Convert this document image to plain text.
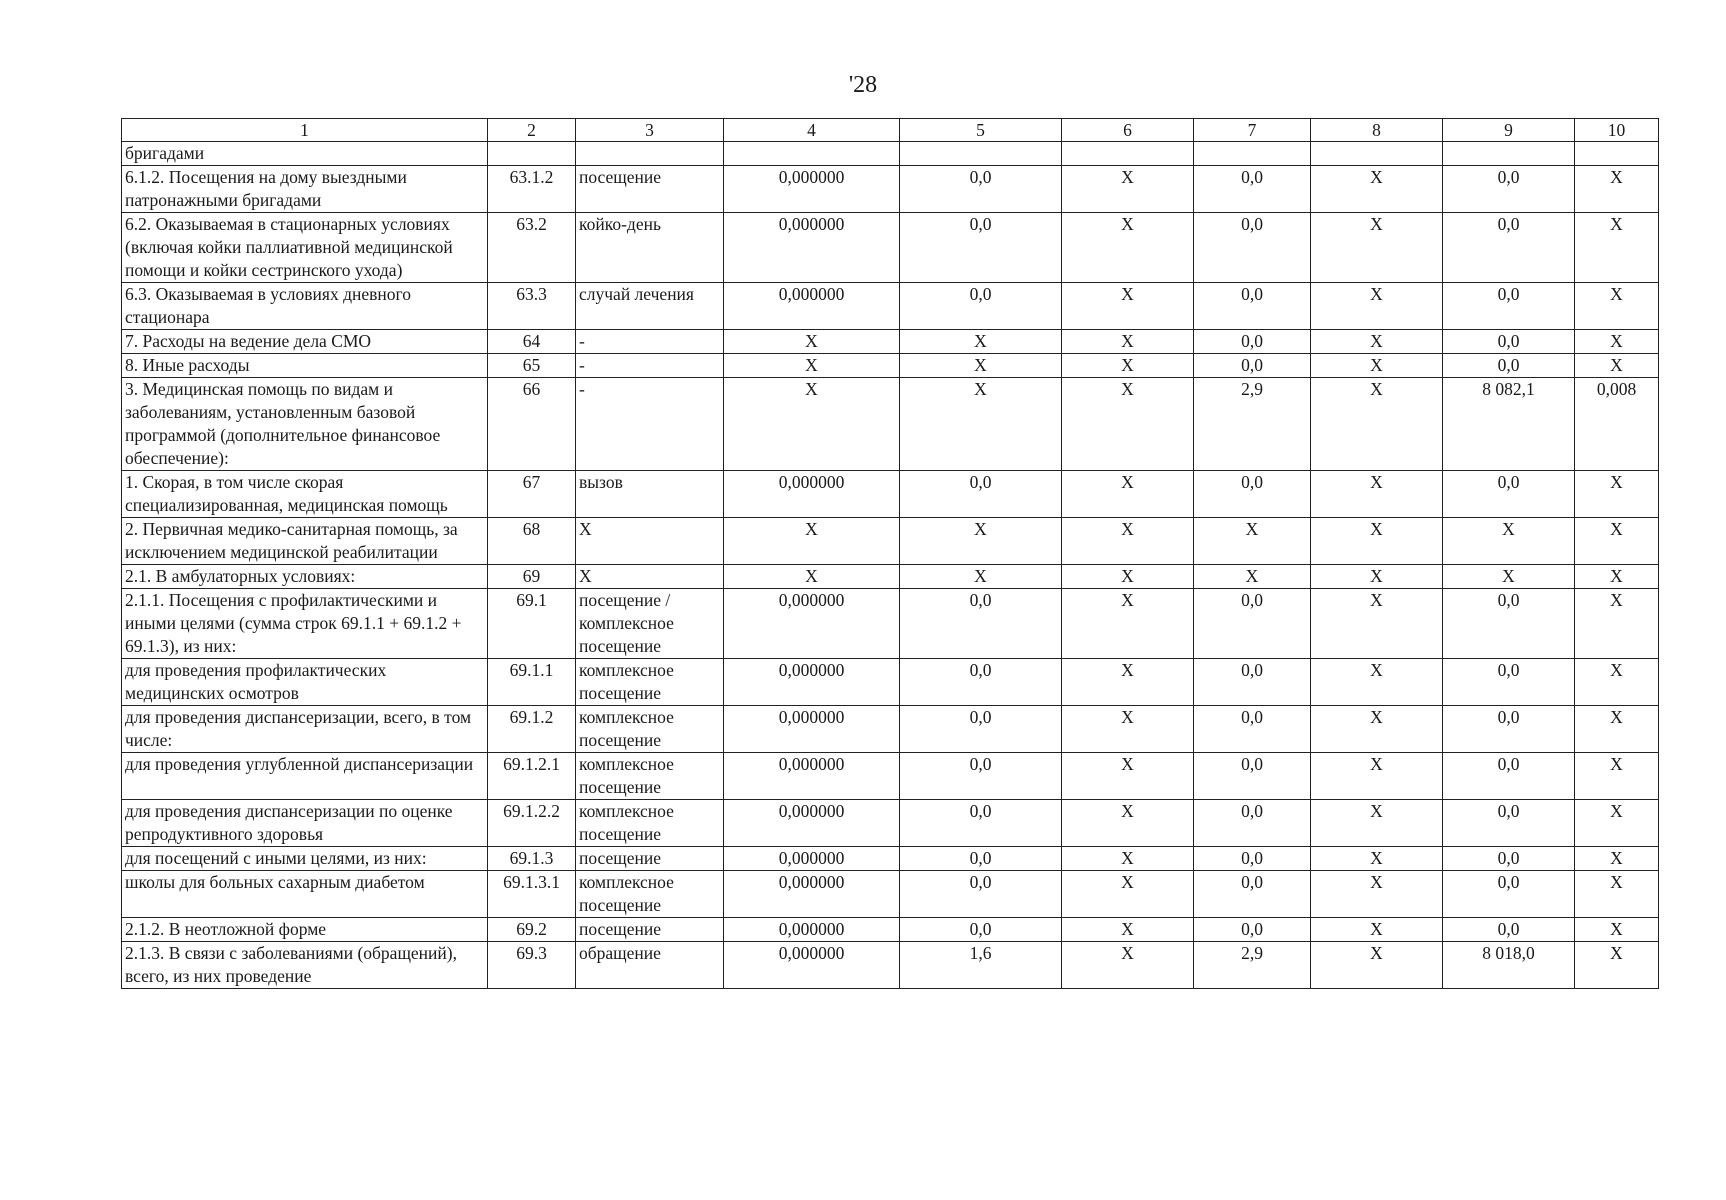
'28
1	2	3	4	5	6	7	8	9	10
бригадами									
6.1.2. Посещения на дому выездными патронажными бригадами	63.1.2	посещение	0,000000	0,0	X	0,0	X	0,0	X
6.2. Оказываемая в стационарных условиях (включая койки паллиативной медицинской помощи и койки сестринского ухода)	63.2	койко-день	0,000000	0,0	X	0,0	X	0,0	X
6.3. Оказываемая в условиях дневного стационара	63.3	случай лечения	0,000000	0,0	X	0,0	X	0,0	X
7. Расходы на ведение дела СМО	64	-	X	X	X	0,0	X	0,0	X
8. Иные расходы	65	-	X	X	X	0,0	X	0,0	X
3. Медицинская помощь по видам и заболеваниям, установленным базовой программой (дополнительное финансовое обеспечение):	66	-	X	X	X	2,9	X	8 082,1	0,008
1. Скорая, в том числе скорая специализированная, медицинская помощь	67	вызов	0,000000	0,0	X	0,0	X	0,0	X
2. Первичная медико-санитарная помощь, за исключением медицинской реабилитации	68	X	X	X	X	X	X	X	X
2.1. В амбулаторных условиях:	69	X	X	X	X	X	X	X	X
2.1.1. Посещения с профилактическими и иными целями (сумма строк 69.1.1 + 69.1.2 + 69.1.3), из них:	69.1	посещение / комплексное посещение	0,000000	0,0	X	0,0	X	0,0	X
для проведения профилактических медицинских осмотров	69.1.1	комплексное посещение	0,000000	0,0	X	0,0	X	0,0	X
для проведения диспансеризации, всего, в том числе:	69.1.2	комплексное посещение	0,000000	0,0	X	0,0	X	0,0	X
для проведения углубленной диспансеризации	69.1.2.1	комплексное посещение	0,000000	0,0	X	0,0	X	0,0	X
для проведения диспансеризации по оценке репродуктивного здоровья	69.1.2.2	комплексное посещение	0,000000	0,0	X	0,0	X	0,0	X
для посещений с иными целями, из них:	69.1.3	посещение	0,000000	0,0	X	0,0	X	0,0	X
школы для больных сахарным диабетом	69.1.3.1	комплексное посещение	0,000000	0,0	X	0,0	X	0,0	X
2.1.2. В неотложной форме	69.2	посещение	0,000000	0,0	X	0,0	X	0,0	X
2.1.3. В связи с заболеваниями (обращений), всего, из них проведение	69.3	обращение	0,000000	1,6	X	2,9	X	8 018,0	X
